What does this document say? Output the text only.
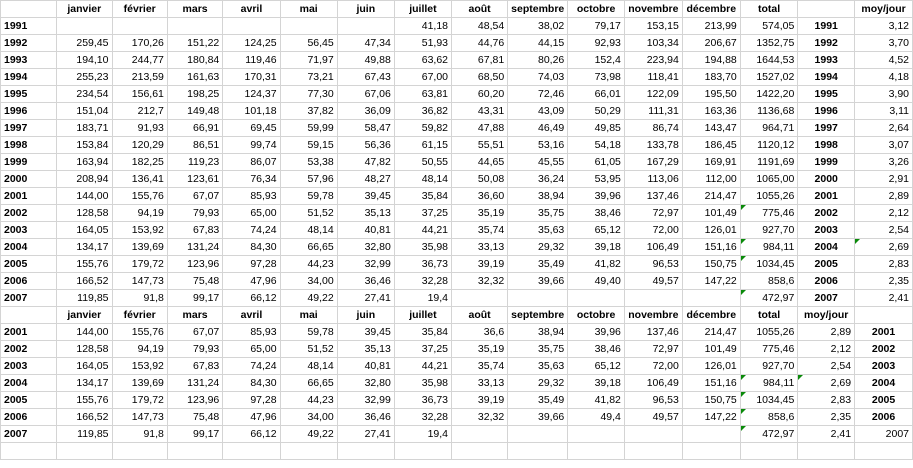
	janvier	février	mars	avril	mai	juin	juillet	août	septembre	octobre	novembre	décembre	total		moy/jour
1991							41,18	48,54	38,02	79,17	153,15	213,99	574,05	1991	3,12
1992	259,45	170,26	151,22	124,25	56,45	47,34	51,93	44,76	44,15	92,93	103,34	206,67	1352,75	1992	3,70
1993	194,10	244,77	180,84	119,46	71,97	49,88	63,62	67,81	80,26	152,4	223,94	194,88	1644,53	1993	4,52
1994	255,23	213,59	161,63	170,31	73,21	67,43	67,00	68,50	74,03	73,98	118,41	183,70	1527,02	1994	4,18
1995	234,54	156,61	198,25	124,37	77,30	67,06	63,81	60,20	72,46	66,01	122,09	195,50	1422,20	1995	3,90
1996	151,04	212,7	149,48	101,18	37,82	36,09	36,82	43,31	43,09	50,29	111,31	163,36	1136,68	1996	3,11
1997	183,71	91,93	66,91	69,45	59,99	58,47	59,82	47,88	46,49	49,85	86,74	143,47	964,71	1997	2,64
1998	153,84	120,29	86,51	99,74	59,15	56,36	61,15	55,51	53,16	54,18	133,78	186,45	1120,12	1998	3,07
1999	163,94	182,25	119,23	86,07	53,38	47,82	50,55	44,65	45,55	61,05	167,29	169,91	1191,69	1999	3,26
2000	208,94	136,41	123,61	76,34	57,96	48,27	48,14	50,08	36,24	53,95	113,06	112,00	1065,00	2000	2,91
2001	144,00	155,76	67,07	85,93	59,78	39,45	35,84	36,60	38,94	39,96	137,46	214,47	1055,26	2001	2,89
2002	128,58	94,19	79,93	65,00	51,52	35,13	37,25	35,19	35,75	38,46	72,97	101,49	775,46	2002	2,12
2003	164,05	153,92	67,83	74,24	48,14	40,81	44,21	35,74	35,63	65,12	72,00	126,01	927,70	2003	2,54
2004	134,17	139,69	131,24	84,30	66,65	32,80	35,98	33,13	29,32	39,18	106,49	151,16	984,11	2004	2,69
2005	155,76	179,72	123,96	97,28	44,23	32,99	36,73	39,19	35,49	41,82	96,53	150,75	1034,45	2005	2,83
2006	166,52	147,73	75,48	47,96	34,00	36,46	32,28	32,32	39,66	49,40	49,57	147,22	858,6	2006	2,35
2007	119,85	91,8	99,17	66,12	49,22	27,41	19,4						472,97	2007	2,41
	janvier	février	mars	avril	mai	juin	juillet	août	septembre	octobre	novembre	décembre	total	moy/jour	
2001	144,00	155,76	67,07	85,93	59,78	39,45	35,84	36,6	38,94	39,96	137,46	214,47	1055,26	2,89	2001
2002	128,58	94,19	79,93	65,00	51,52	35,13	37,25	35,19	35,75	38,46	72,97	101,49	775,46	2,12	2002
2003	164,05	153,92	67,83	74,24	48,14	40,81	44,21	35,74	35,63	65,12	72,00	126,01	927,70	2,54	2003
2004	134,17	139,69	131,24	84,30	66,65	32,80	35,98	33,13	29,32	39,18	106,49	151,16	984,11	2,69	2004
2005	155,76	179,72	123,96	97,28	44,23	32,99	36,73	39,19	35,49	41,82	96,53	150,75	1034,45	2,83	2005
2006	166,52	147,73	75,48	47,96	34,00	36,46	32,28	32,32	39,66	49,4	49,57	147,22	858,6	2,35	2006
2007	119,85	91,8	99,17	66,12	49,22	27,41	19,4						472,97	2,41	2007
